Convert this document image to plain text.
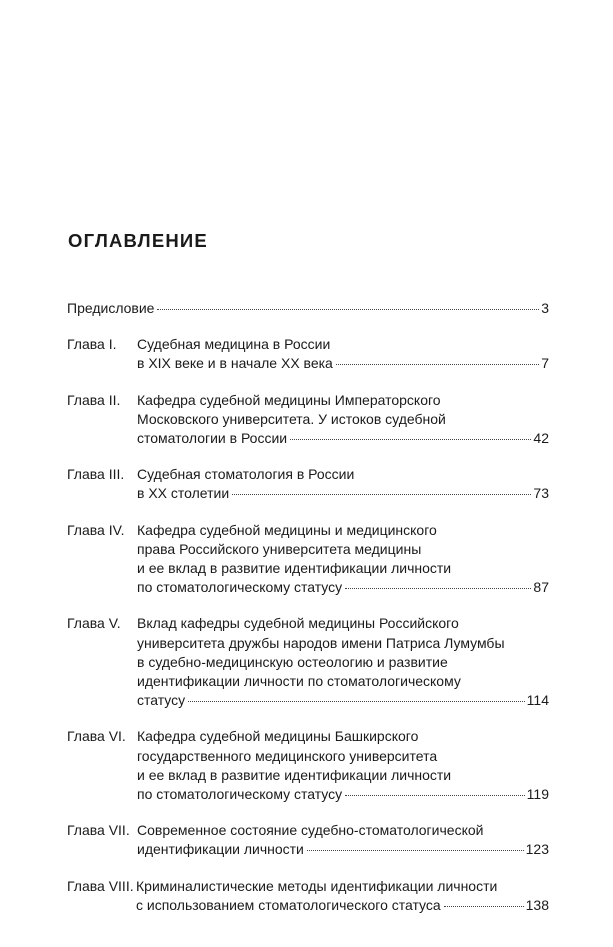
ОГЛАВЛЕНИЕ
Предисловие	3
Глава I.	Судебная медицина в России
в XIX веке и в начале XX века	7
Глава II.	Кафедра судебной медицины Императорского
Московского университета. У истоков судебной
стоматологии в России	42
Глава III. Судебная стоматология в России
в XX столетии	73
Глава IV. Кафедра судебной медицины и медицинского
права Российского университета медицины
и ее вклад в развитие идентификации личности
по стоматологическому статусу	87
Глава V.	Вклад кафедры судебной медицины Российского
университета дружбы народов имени Патриса Лумумбы
в судебно-медицинскую остеологию и развитие
идентификации личности по стоматологическому
статусу	114
Глава VI. Кафедра судебной медицины Башкирского
государственного медицинского университета
и ее вклад в развитие идентификации личности
по стоматологическому статусу	119
Глава VII. Современное состояние судебно-стоматологической
идентификации личности	123
Глава VIII. Криминалистические методы идентификации личности
с использованием стоматологического статуса	138
